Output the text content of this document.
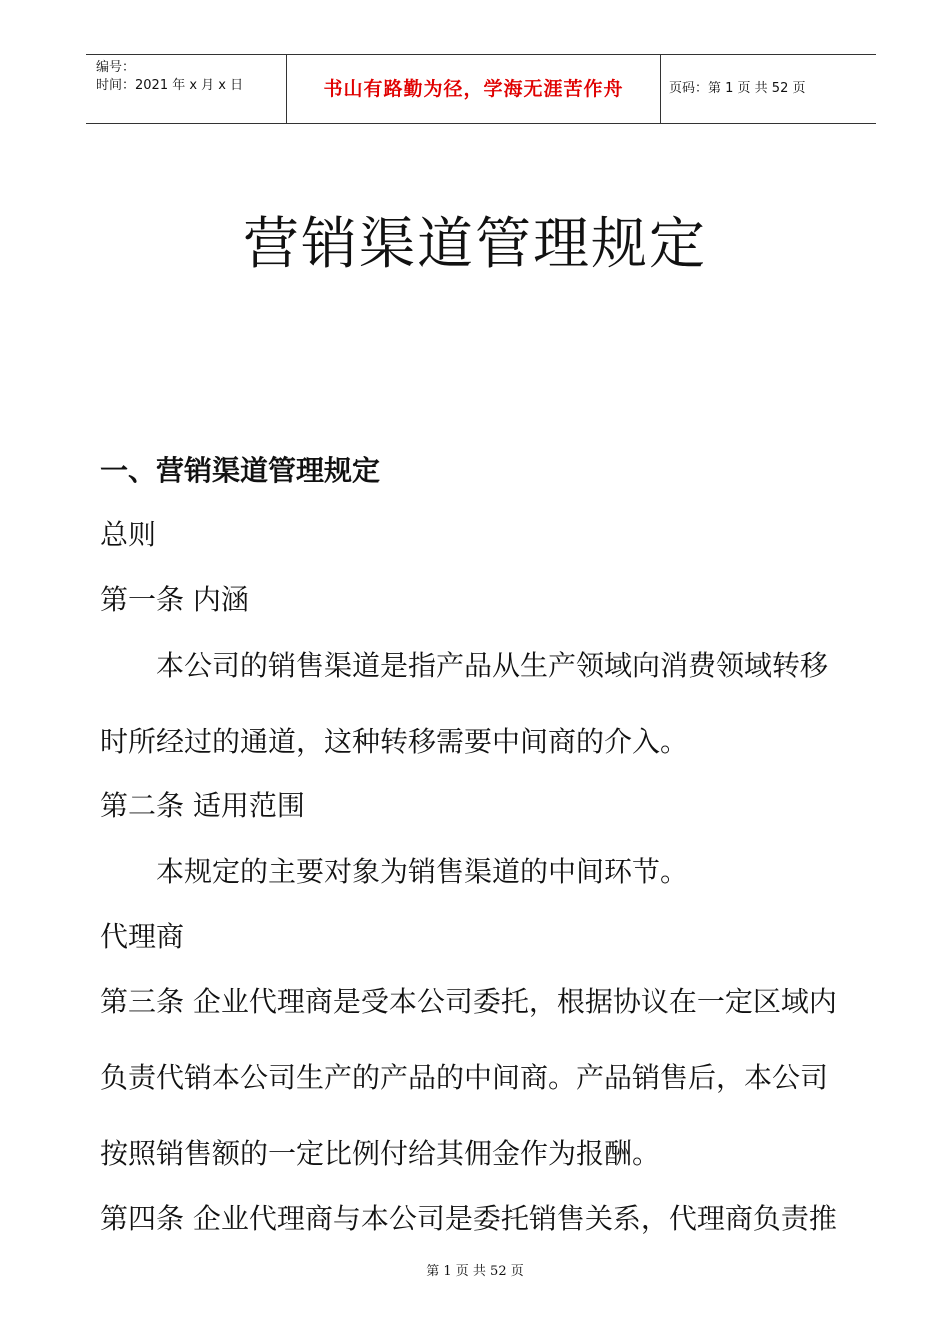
编号：
时间：2021 年 x 月 x 日	书山有路勤为径，学海无涯苦作舟	页码：第 1 页 共 52 页
营销渠道管理规定
一、营销渠道管理规定
总则
第一条 内涵
本公司的销售渠道是指产品从生产领域向消费领域转移
时所经过的通道，这种转移需要中间商的介入。
第二条 适用范围
本规定的主要对象为销售渠道的中间环节。
代理商
第三条 企业代理商是受本公司委托，根据协议在一定区域内
负责代销本公司生产的产品的中间商。产品销售后，本公司
按照销售额的一定比例付给其佣金作为报酬。
第四条 企业代理商与本公司是委托销售关系，代理商负责推
第 1 页 共 52 页
